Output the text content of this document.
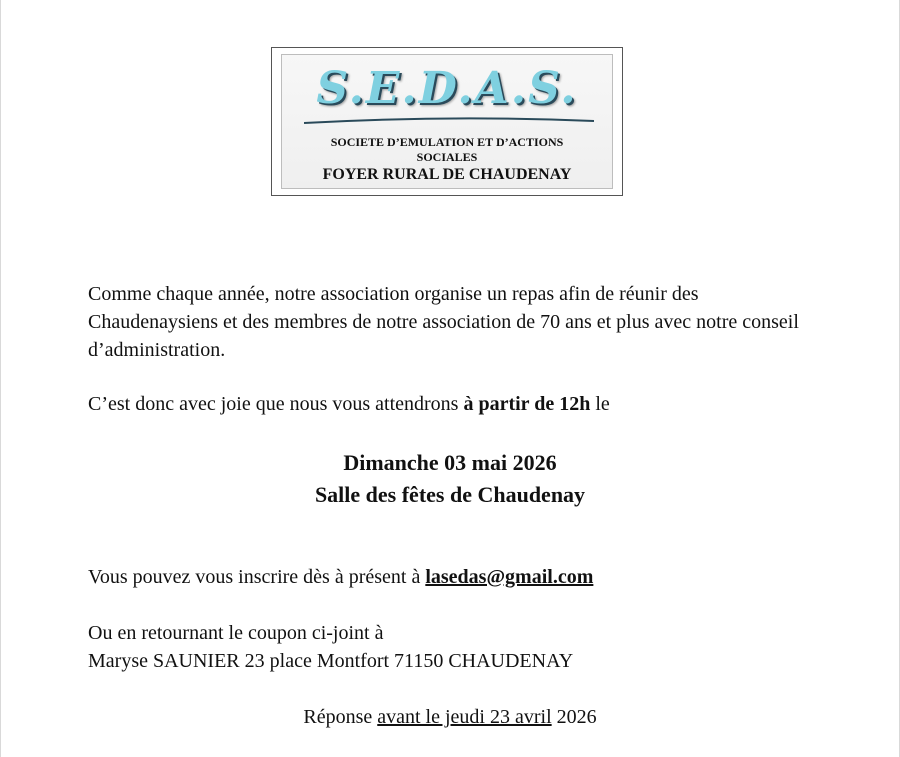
S.E.D.A.S.
SOCIETE D’EMULATION ET D’ACTIONS
SOCIALES
FOYER RURAL DE CHAUDENAY

Comme chaque année, notre association organise un repas afin de réunir des Chaudenaysiens et des membres de notre association de 70 ans et plus avec notre conseil d’administration.

C’est donc avec joie que nous vous attendrons à partir de 12h le

Dimanche 03 mai 2026

Salle des fêtes de Chaudenay

Vous pouvez vous inscrire dès à présent à lasedas@gmail.com

Ou en retournant le coupon ci-joint à

Maryse SAUNIER 23 place Montfort 71150 CHAUDENAY

Réponse avant le jeudi 23 avril 2026
